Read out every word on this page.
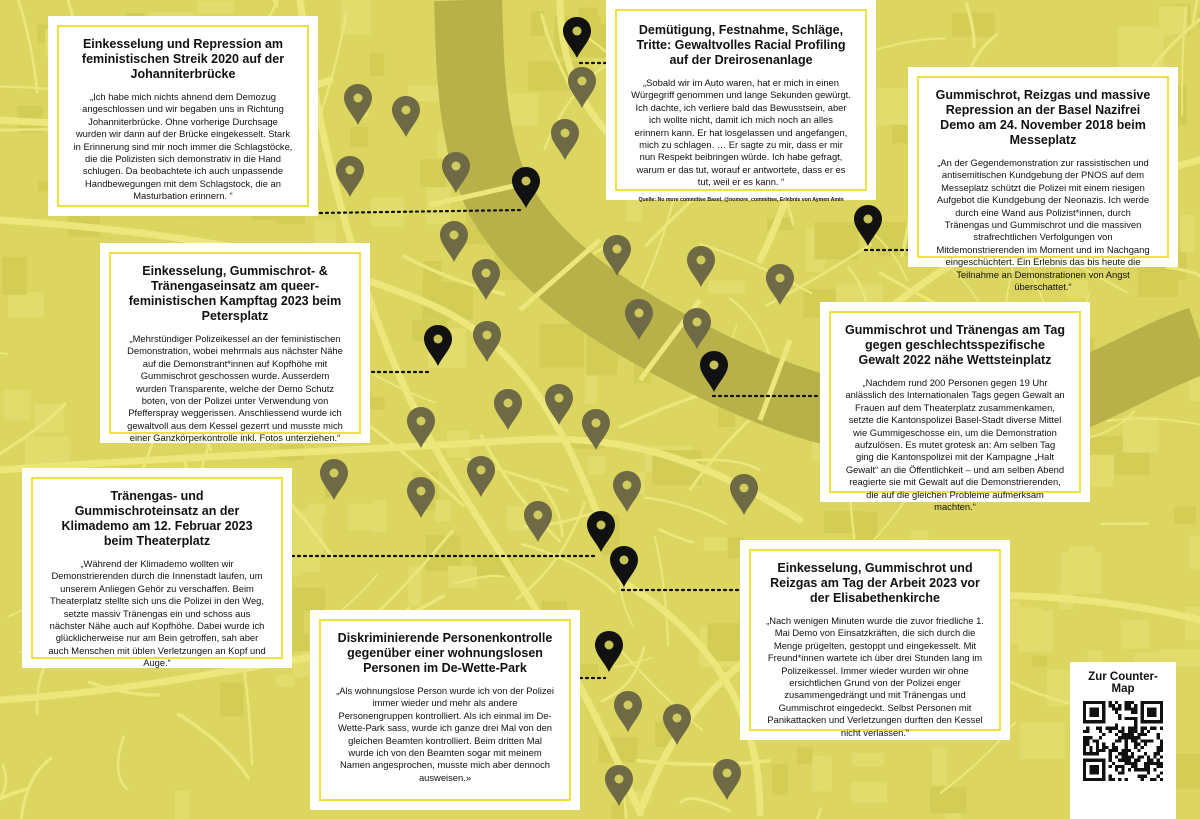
Einkesselung und Repression am feministischen Streik 2020 auf der Johanniterbrücke
„Ich habe mich nichts ahnend dem Demozug angeschlossen und wir begaben uns in Richtung Johanniterbrücke. Ohne vorherige Durchsage wurden wir dann auf der Brücke eingekesselt. Stark in Erinnerung sind mir noch immer die Schlagstöcke, die die Polizisten sich demonstrativ in die Hand schlugen. Da beobachtete ich auch unpassende Handbewegungen mit dem Schlagstock, die an Masturbation erinnern. “
Demütigung, Festnahme, Schläge, Tritte: Gewaltvolles Racial Profiling auf der Dreirosenanlage
„Sobald wir im Auto waren, hat er mich in einen Würgegriff genommen und lange Sekunden gewürgt. Ich dachte, ich verliere bald das Bewusstsein, aber ich wollte nicht, damit ich mich noch an alles erinnern kann. Er hat losgelassen und angefangen, mich zu schlagen. … Er sagte zu mir, dass er mir nun Respekt beibringen würde. Ich habe gefragt, warum er das tut, worauf er antwortete, dass er es tut, weil er es kann. “
Quelle: No more committee Basel, @nomore_committee, Erlebnis von Aymen Amin
Gummischrot, Reizgas und massive Repression an der Basel Nazifrei Demo am 24. November 2018 beim Messeplatz
„An der Gegendemonstration zur rassistischen und antisemitischen Kundgebung der PNOS auf dem Messeplatz schützt die Polizei mit einem riesigen Aufgebot die Kundgebung der Neonazis. Ich werde durch eine Wand aus Polizist*innen, durch Tränengas und Gummischrot und die massiven strafrechtlichen Verfolgungen von Mitdemonstrierenden im Moment und im Nachgang eingeschüchtert. Ein Erlebnis das bis heute die Teilnahme an Demonstrationen von Angst überschattet.“
Einkesselung, Gummischrot- & Tränengaseinsatz am queer-feministischen Kampftag 2023 beim Petersplatz
„Mehrstündiger Polizeikessel an der feministischen Demonstration, wobei mehrmals aus nächster Nähe auf die Demonstrant*innen auf Kopfhöhe mit Gummischrot geschossen wurde. Ausserdem wurden Transparente, welche der Demo Schutz boten, von der Polizei unter Verwendung von Pfefferspray weggerissen. Anschliessend wurde ich gewaltvoll aus dem Kessel gezerrt und musste mich einer Ganzkörperkontrolle inkl. Fotos unterziehen.“
Gummischrot und Tränengas am Tag gegen geschlechtsspezifische Gewalt 2022 nähe Wettsteinplatz
„Nachdem rund 200 Personen gegen 19 Uhr anlässlich des Internationalen Tags gegen Gewalt an Frauen auf dem Theaterplatz zusammenkamen, setzte die Kantonspolizei Basel-Stadt diverse Mittel wie Gummigeschosse ein, um die Demonstration aufzulösen. Es mutet grotesk an: Am selben Tag ging die Kantonspolizei mit der Kampagne „Halt Gewalt“ an die Öffentlichkeit – und am selben Abend reagierte sie mit Gewalt auf die Demonstrierenden, die auf die gleichen Probleme aufmerksam machten.“
Tränengas- und Gummischroteinsatz an der Klimademo am 12. Februar 2023 beim Theaterplatz
„Während der Klimademo wollten wir Demonstrierenden durch die Innenstadt laufen, um unserem Anliegen Gehör zu verschaffen. Beim Theaterplatz stellte sich uns die Polizei in den Weg, setzte massiv Tränengas ein und schoss aus nächster Nähe auch auf Kopfhöhe. Dabei wurde ich glücklicherweise nur am Bein getroffen, sah aber auch Menschen mit üblen Verletzungen an Kopf und Auge.“
Einkesselung, Gummischrot und Reizgas am Tag der Arbeit 2023 vor der Elisabethenkirche
„Nach wenigen Minuten wurde die zuvor friedliche 1. Mai Demo von Einsatzkräften, die sich durch die Menge prügelten, gestoppt und eingekesselt. Mit Freund*innen wartete ich über drei Stunden lang im Polizeikessel. Immer wieder wurden wir ohne ersichtlichen Grund von der Polizei enger zusammengedrängt und mit Tränengas und Gummischrot eingedeckt. Selbst Personen mit Panikattacken und Verletzungen durften den Kessel nicht verlassen.“
Diskriminierende Personenkontrolle gegenüber einer wohnungslosen Personen im De-Wette-Park
„Als wohnungslose Person wurde ich von der Polizei immer wieder und mehr als andere Personengruppen kontrolliert. Als ich einmal im De-Wette-Park sass, wurde ich ganze drei Mal von den gleichen Beamten kontrolliert. Beim dritten Mal wurde ich von den Beamten sogar mit meinem Namen angesprochen, musste mich aber dennoch ausweisen.»
Zur Counter-Map
